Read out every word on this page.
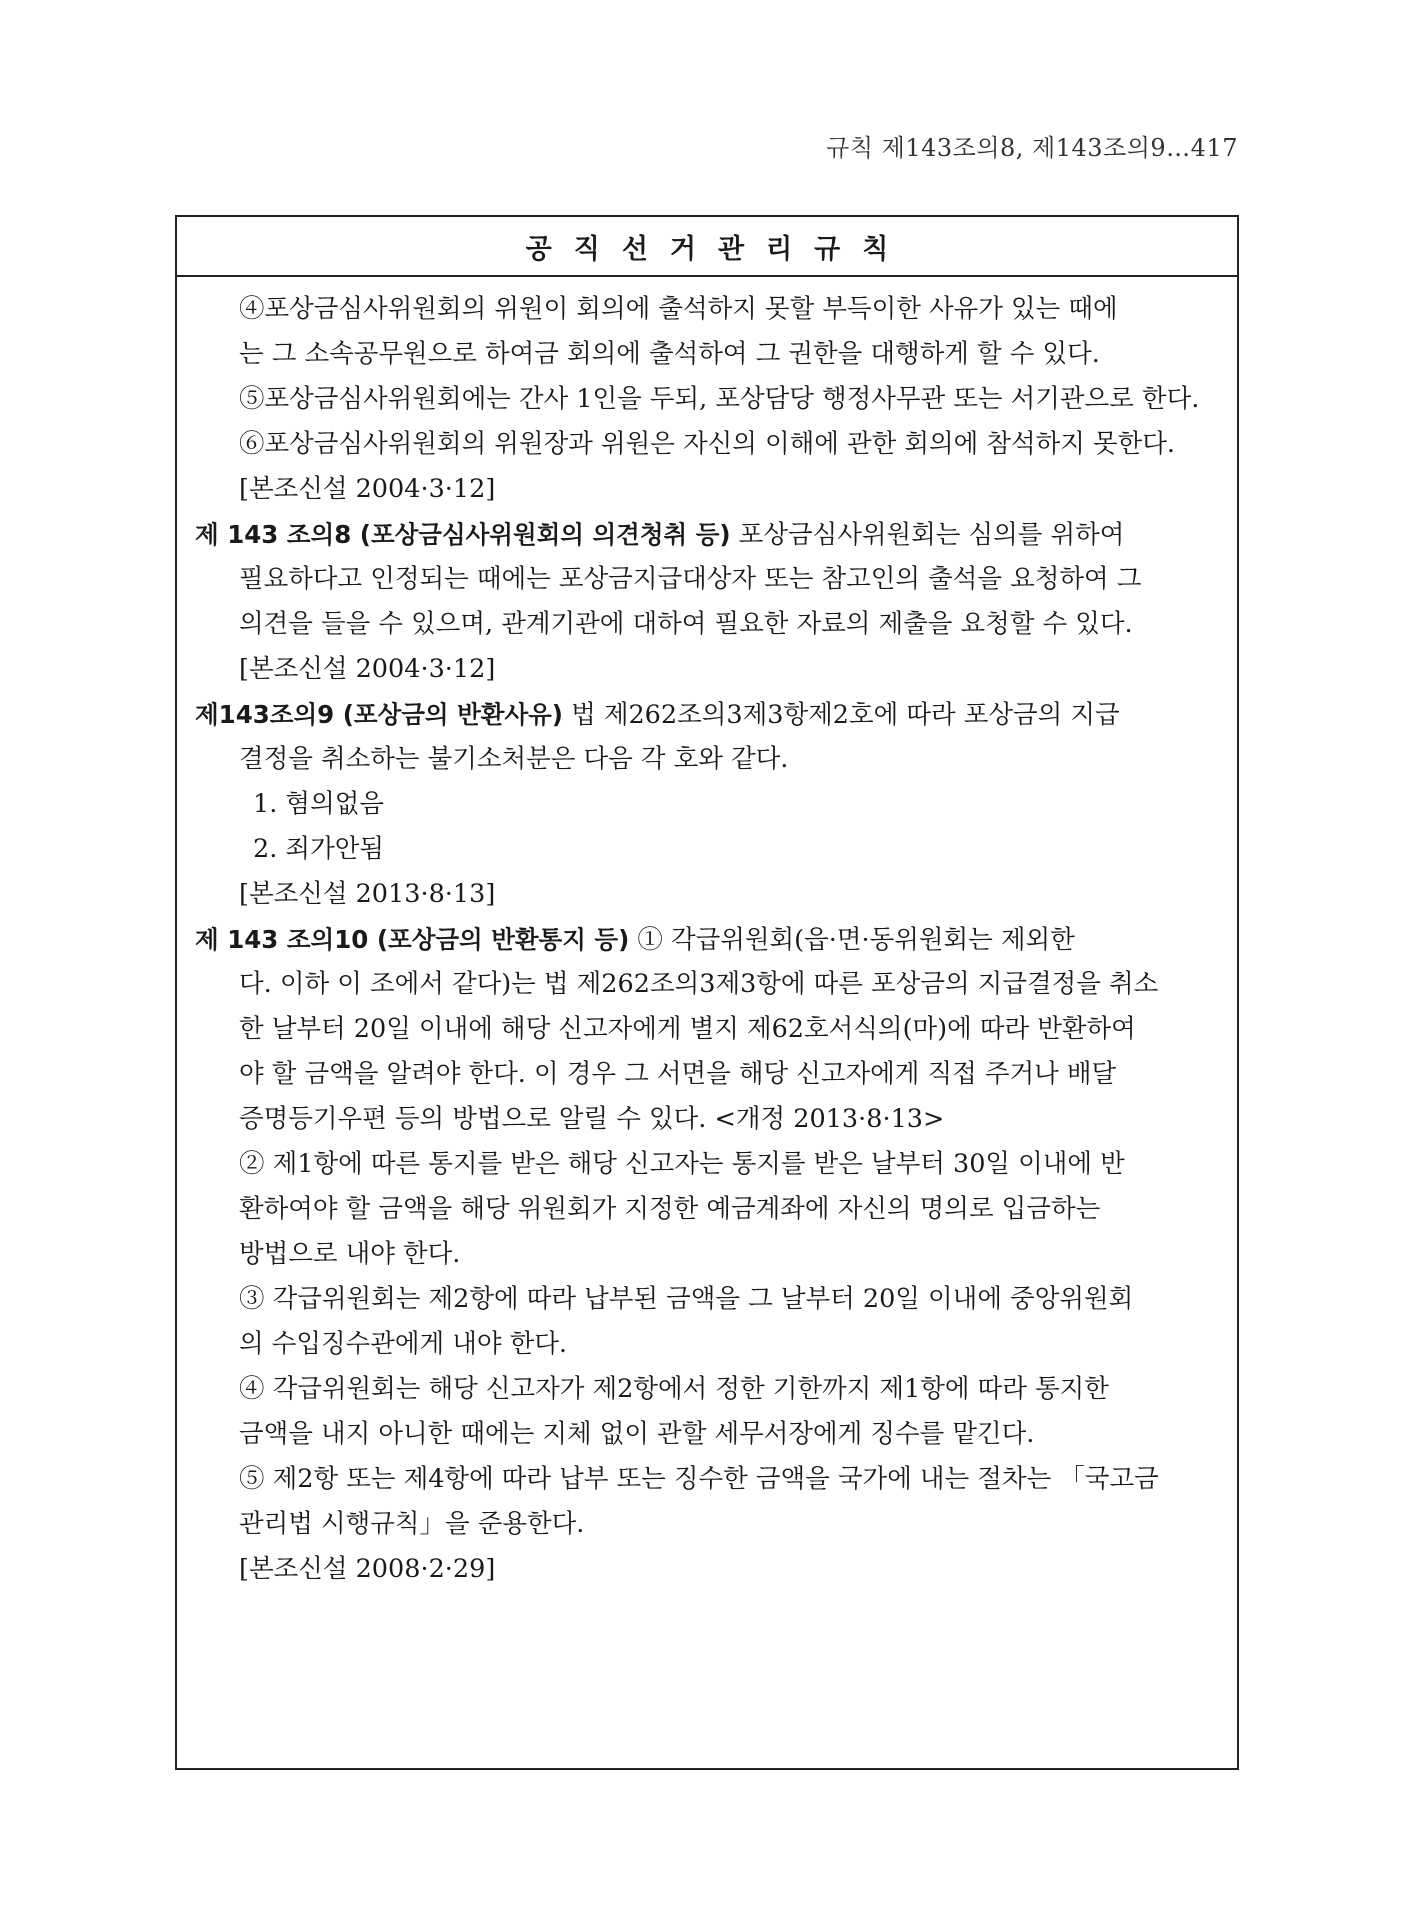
규칙 제143조의8, 제143조의9…417
공직선거관리규칙
④포상금심사위원회의 위원이 회의에 출석하지 못할 부득이한 사유가 있는 때에
는 그 소속공무원으로 하여금 회의에 출석하여 그 권한을 대행하게 할 수 있다.
⑤포상금심사위원회에는 간사 1인을 두되, 포상담당 행정사무관 또는 서기관으로 한다.
⑥포상금심사위원회의 위원장과 위원은 자신의 이해에 관한 회의에 참석하지 못한다.
[본조신설 2004·3·12]
제 143 조의8 (포상금심사위원회의 의견청취 등) 포상금심사위원회는 심의를 위하여
필요하다고 인정되는 때에는 포상금지급대상자 또는 참고인의 출석을 요청하여 그
의견을 들을 수 있으며, 관계기관에 대하여 필요한 자료의 제출을 요청할 수 있다.
[본조신설 2004·3·12]
제143조의9 (포상금의 반환사유) 법 제262조의3제3항제2호에 따라 포상금의 지급
결정을 취소하는 불기소처분은 다음 각 호와 같다.
1. 혐의없음
2. 죄가안됨
[본조신설 2013·8·13]
제 143 조의10 (포상금의 반환통지 등) ① 각급위원회(읍·면·동위원회는 제외한
다. 이하 이 조에서 같다)는 법 제262조의3제3항에 따른 포상금의 지급결정을 취소
한 날부터 20일 이내에 해당 신고자에게 별지 제62호서식의(마)에 따라 반환하여
야 할 금액을 알려야 한다. 이 경우 그 서면을 해당 신고자에게 직접 주거나 배달
증명등기우편 등의 방법으로 알릴 수 있다. <개정 2013·8·13>
② 제1항에 따른 통지를 받은 해당 신고자는 통지를 받은 날부터 30일 이내에 반
환하여야 할 금액을 해당 위원회가 지정한 예금계좌에 자신의 명의로 입금하는
방법으로 내야 한다.
③ 각급위원회는 제2항에 따라 납부된 금액을 그 날부터 20일 이내에 중앙위원회
의 수입징수관에게 내야 한다.
④ 각급위원회는 해당 신고자가 제2항에서 정한 기한까지 제1항에 따라 통지한
금액을 내지 아니한 때에는 지체 없이 관할 세무서장에게 징수를 맡긴다.
⑤ 제2항 또는 제4항에 따라 납부 또는 징수한 금액을 국가에 내는 절차는 「국고금
관리법 시행규칙」을 준용한다.
[본조신설 2008·2·29]
